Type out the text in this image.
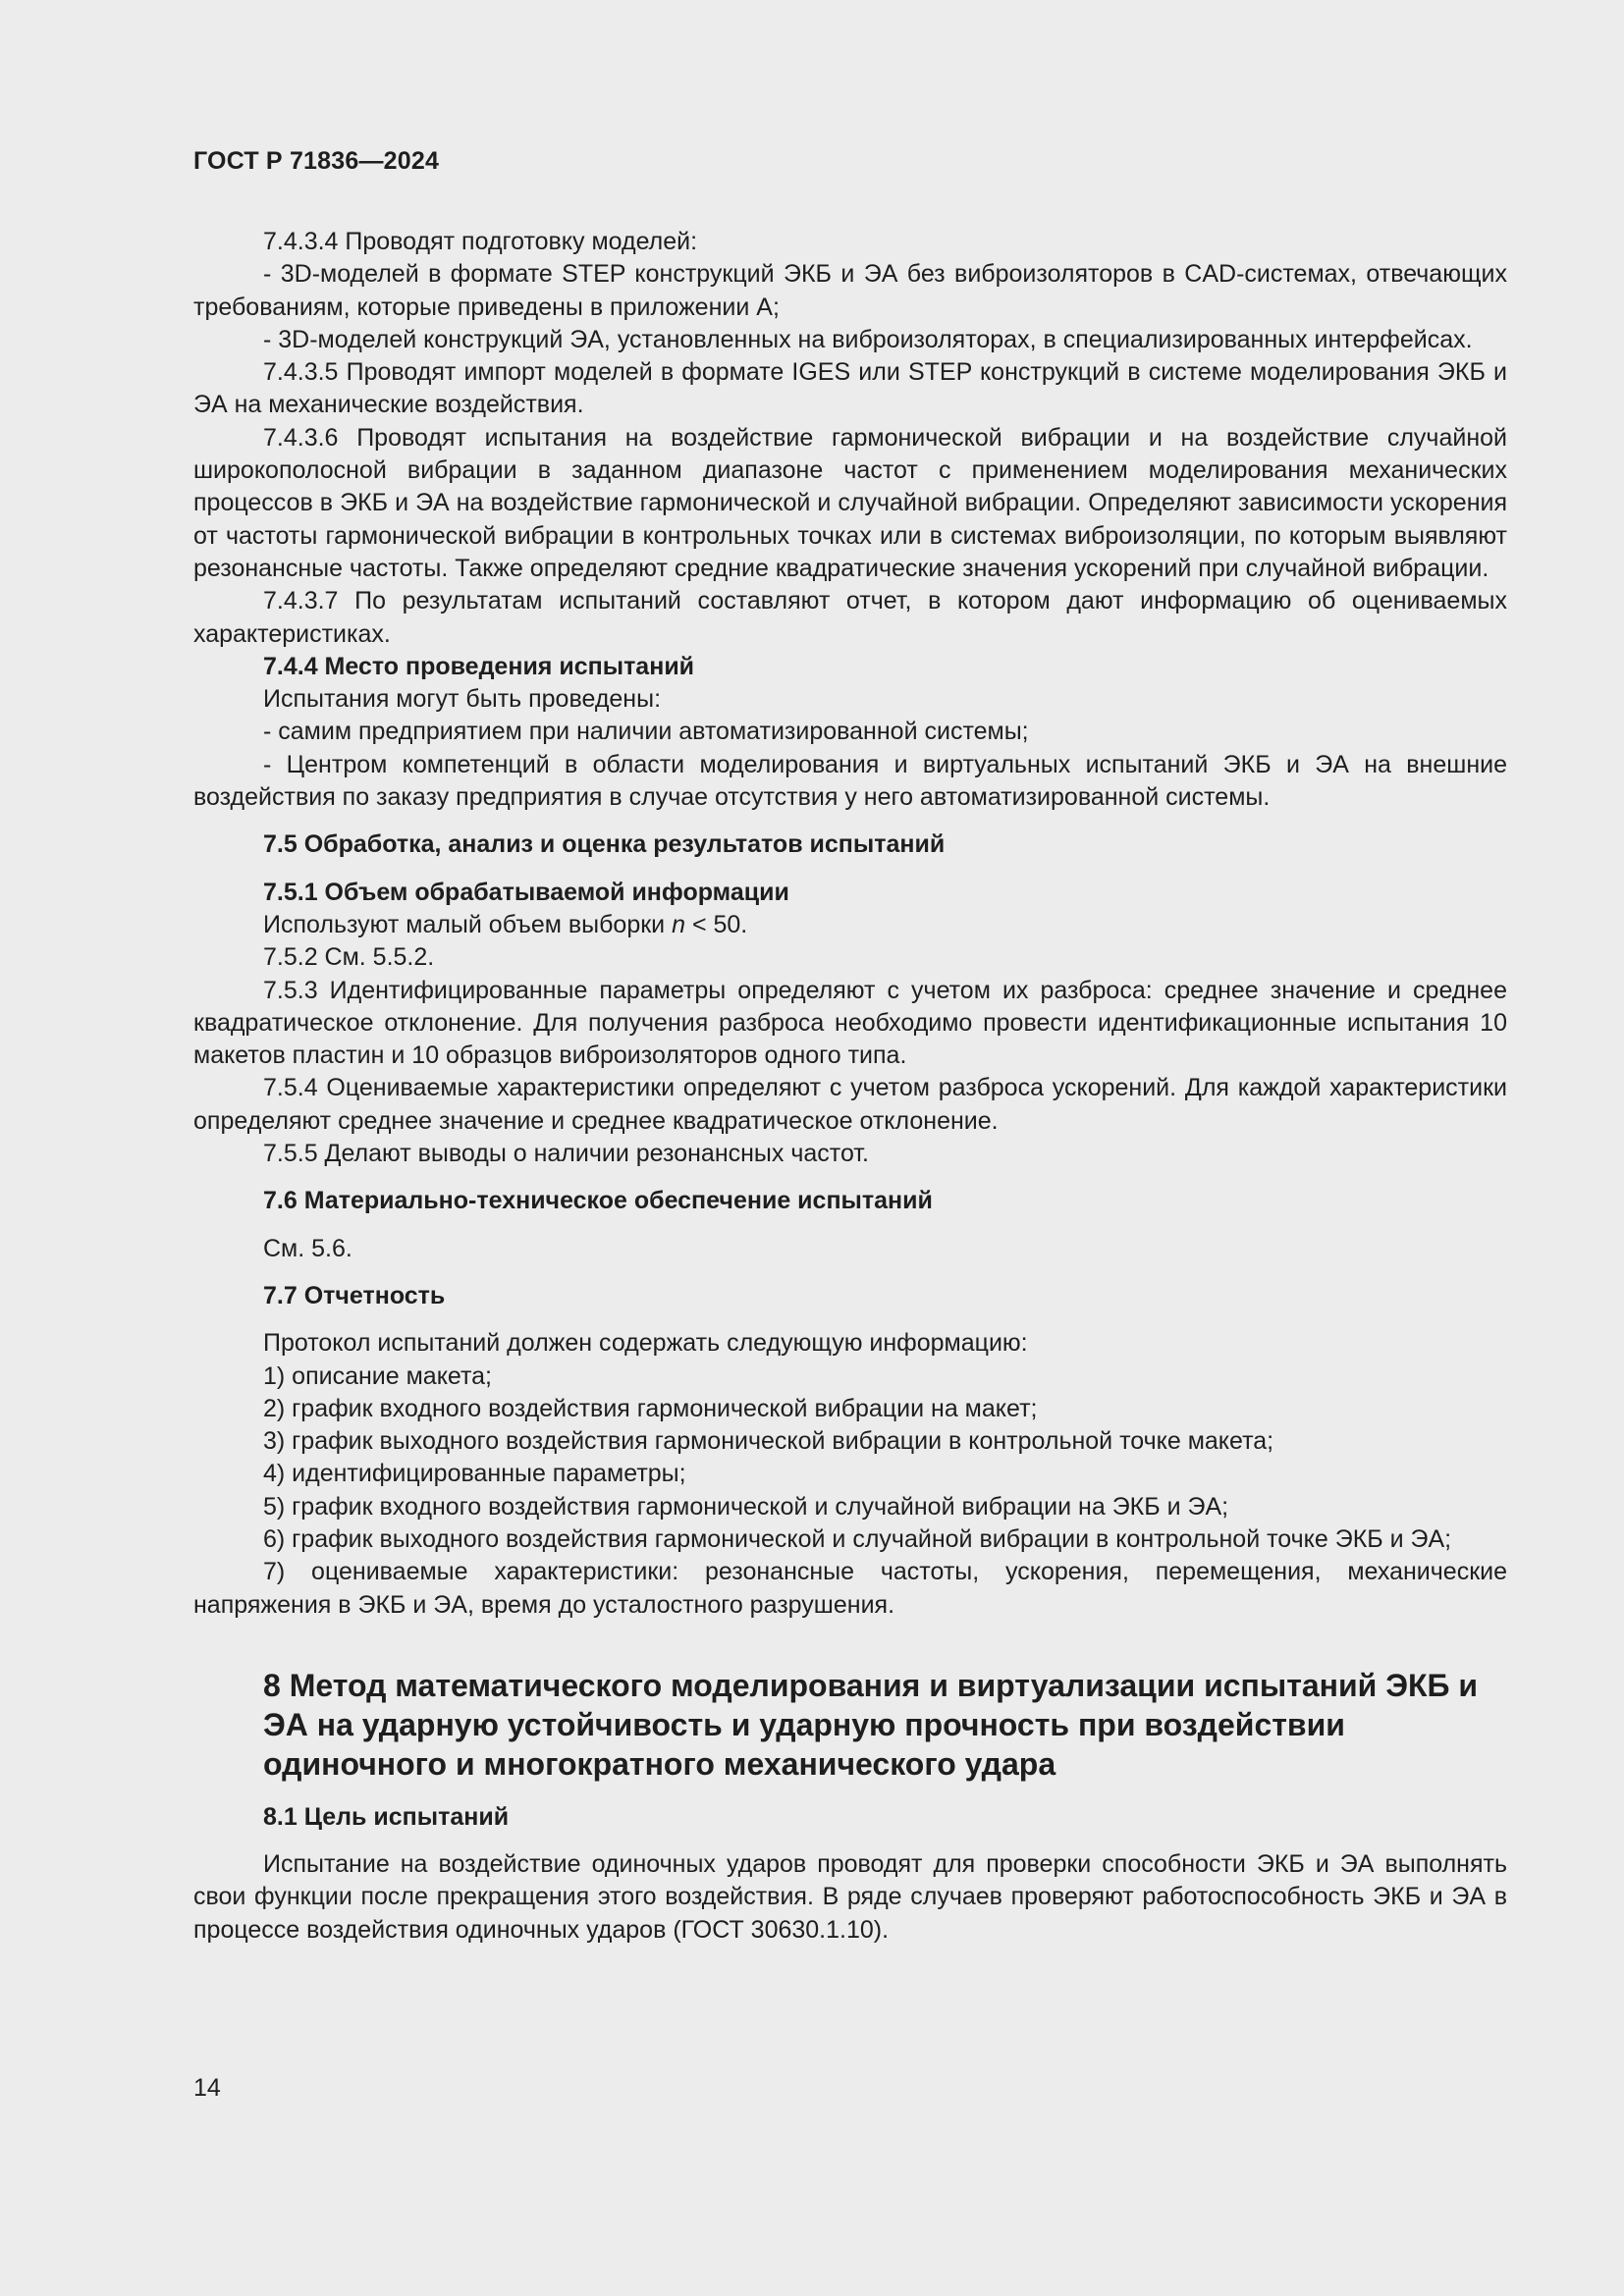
ГОСТ Р 71836—2024

7.4.3.4 Проводят подготовку моделей:

- 3D-моделей в формате STEP конструкций ЭКБ и ЭА без виброизоляторов в CAD-системах, отвечающих требованиям, которые приведены в приложении А;

- 3D-моделей конструкций ЭА, установленных на виброизоляторах, в специализированных интерфейсах.

7.4.3.5 Проводят импорт моделей в формате IGES или STEP конструкций в системе моделирования ЭКБ и ЭА на механические воздействия.

7.4.3.6 Проводят испытания на воздействие гармонической вибрации и на воздействие случайной широкополосной вибрации в заданном диапазоне частот с применением моделирования механических процессов в ЭКБ и ЭА на воздействие гармонической и случайной вибрации. Определяют зависимости ускорения от частоты гармонической вибрации в контрольных точках или в системах виброизоляции, по которым выявляют резонансные частоты. Также определяют средние квадратические значения ускорений при случайной вибрации.

7.4.3.7 По результатам испытаний составляют отчет, в котором дают информацию об оцениваемых характеристиках.

7.4.4 Место проведения испытаний

Испытания могут быть проведены:

- самим предприятием при наличии автоматизированной системы;

- Центром компетенций в области моделирования и виртуальных испытаний ЭКБ и ЭА на внешние воздействия по заказу предприятия в случае отсутствия у него автоматизированной системы.

7.5 Обработка, анализ и оценка результатов испытаний

7.5.1 Объем обрабатываемой информации

Используют малый объем выборки n < 50.

7.5.2 См. 5.5.2.

7.5.3 Идентифицированные параметры определяют с учетом их разброса: среднее значение и среднее квадратическое отклонение. Для получения разброса необходимо провести идентификационные испытания 10 макетов пластин и 10 образцов виброизоляторов одного типа.

7.5.4 Оцениваемые характеристики определяют с учетом разброса ускорений. Для каждой характеристики определяют среднее значение и среднее квадратическое отклонение.

7.5.5 Делают выводы о наличии резонансных частот.

7.6 Материально-техническое обеспечение испытаний

См. 5.6.

7.7 Отчетность

Протокол испытаний должен содержать следующую информацию:

1) описание макета;

2) график входного воздействия гармонической вибрации на макет;

3) график выходного воздействия гармонической вибрации в контрольной точке макета;

4) идентифицированные параметры;

5) график входного воздействия гармонической и случайной вибрации на ЭКБ и ЭА;

6) график выходного воздействия гармонической и случайной вибрации в контрольной точке ЭКБ и ЭА;

7) оцениваемые характеристики: резонансные частоты, ускорения, перемещения, механические напряжения в ЭКБ и ЭА, время до усталостного разрушения.

8 Метод математического моделирования и виртуализации испытаний ЭКБ и ЭА на ударную устойчивость и ударную прочность при воздействии одиночного и многократного механического удара

8.1 Цель испытаний

Испытание на воздействие одиночных ударов проводят для проверки способности ЭКБ и ЭА выполнять свои функции после прекращения этого воздействия. В ряде случаев проверяют работоспособность ЭКБ и ЭА в процессе воздействия одиночных ударов (ГОСТ 30630.1.10).

14
